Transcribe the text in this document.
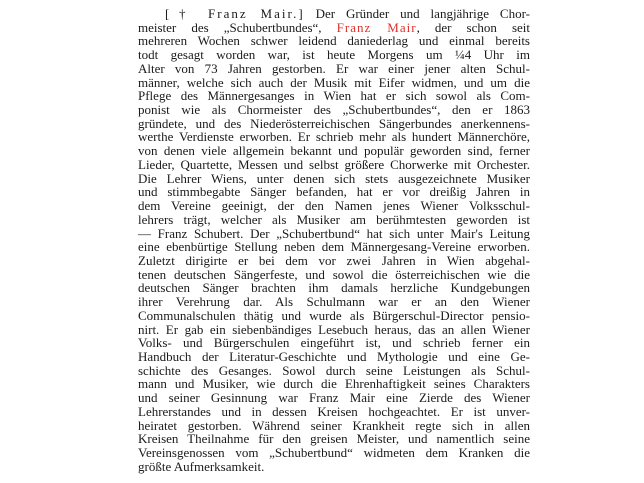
[† Franz Mair.] Der Gründer und langjährige Chor-
meister des „Schubertbundes“, Franz Mair, der schon seit
mehreren Wochen schwer leidend daniederlag und einmal bereits
todt gesagt worden war, ist heute Morgens um ¼4 Uhr im
Alter von 73 Jahren gestorben. Er war einer jener alten Schul-
männer, welche sich auch der Musik mit Eifer widmen, und um die
Pflege des Männergesanges in Wien hat er sich sowol als Com-
ponist wie als Chormeister des „Schubertbundes“, den er 1863
gründete, und des Niederösterreichischen Sängerbundes anerkennens-
werthe Verdienste erworben. Er schrieb mehr als hundert Männerchöre,
von denen viele allgemein bekannt und populär geworden sind, ferner
Lieder, Quartette, Messen und selbst größere Chorwerke mit Orchester.
Die Lehrer Wiens, unter denen sich stets ausgezeichnete Musiker
und stimmbegabte Sänger befanden, hat er vor dreißig Jahren in
dem Vereine geeinigt, der den Namen jenes Wiener Volksschul-
lehrers trägt, welcher als Musiker am berühmtesten geworden ist
— Franz Schubert. Der „Schubertbund“ hat sich unter Mair's Leitung
eine ebenbürtige Stellung neben dem Männergesang-Vereine erworben.
Zuletzt dirigirte er bei dem vor zwei Jahren in Wien abgehal-
tenen deutschen Sängerfeste, und sowol die österreichischen wie die
deutschen Sänger brachten ihm damals herzliche Kundgebungen
ihrer Verehrung dar. Als Schulmann war er an den Wiener
Communalschulen thätig und wurde als Bürgerschul-Director pensio-
nirt. Er gab ein siebenbändiges Lesebuch heraus, das an allen Wiener
Volks- und Bürgerschulen eingeführt ist, und schrieb ferner ein
Handbuch der Literatur-Geschichte und Mythologie und eine Ge-
schichte des Gesanges. Sowol durch seine Leistungen als Schul-
mann und Musiker, wie durch die Ehrenhaftigkeit seines Charakters
und seiner Gesinnung war Franz Mair eine Zierde des Wiener
Lehrerstandes und in dessen Kreisen hochgeachtet. Er ist unver-
heiratet gestorben. Während seiner Krankheit regte sich in allen
Kreisen Theilnahme für den greisen Meister, und namentlich seine
Vereinsgenossen vom „Schubertbund“ widmeten dem Kranken die
größte Aufmerksamkeit.
